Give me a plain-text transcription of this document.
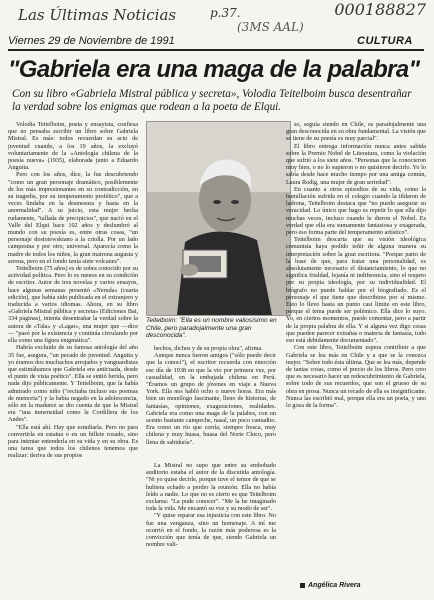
Las Últimas Noticias	p.37.
(3MS AAL)
000188827
Viernes 29 de Noviembre de 1991	CULTURA
"Gabriela era una maga de la palabra"
Con su libro «Gabriela Mistral pública y secreta», Volodia Teitelboim busca desentrañar la verdad sobre los enigmas que rodean a la poeta de Elqui.

Volodia Teitelboim, poeta y ensayista, confiesa que no pensaba escribir un libro sobre Gabriela Mistral. Es más: todos recuerdan su acto de juventud cuando, a los 19 años, la excluyó voluntariamente de la «Antología chilena de la poesía nueva» (1935), elaborada junto a Eduardo Anguita.

Pero con los años, dice, la fue descubriendo "como un gran personaje dramático, posiblemente de los más impresionantes en su contradicción, en su tragedia, por su temperamento profético", que a veces lindaba en la desmesura y hasta en la anormalidad". A su juicio, esta mujer hecha rudamente, "tallada de precipicios", que nació en el Valle del Elqui hace 102 años y deslumbró al mundo con su poesía es, entre otras cosas, "un personaje dostoiewskiano a la criolla. Por un lado campesina y por otro, universal. Aparecía como la madre de todos los niños, la gran matrona augusta y serena, pero en el fondo tenía siete volcanes".

Teitelboim (75 años) es de sobra conocido por su actividad política. Pero lo es menos en su condición de escritor. Autor de tres novelas y varios ensayos, hace algunas semanas presentó «Neruda» (cuarta edición), que había sido publicada en el extranjero y traducida a varios idiomas. Ahora, en su libro «Gabriela Mistral pública y secreta» (Ediciones Bat, 334 páginas), intenta desentrañar la verdad sobre la autora de «Tala» y «Lagar», una mujer que —dice— "pasó por la existencia y continúa circulando por ella como una figura enigmática".

Habría excluido de su famosa antología del año 35 fue, asegura, "un pecado de juventud. Anguita y yo éramos dos muchachos arrojados y vanguardistas que estimábamos que Gabriela era anticuada, desde el punto de vista poético". Ella se sintió herida, pero nada dijo públicamente. Y Teitelboim, que la había admirado como niño ("recitaba incluso sus poemas de memoria") y la había negado en la adolescencia, sólo en la madurez se dio cuenta de que la Mistral era "una inmensidad como la Cordillera de los Andes".

"Ella está ahí. Hay que estudiarla. Pero no para convertirla en estatua o en un billete rosado, sino para intentar entenderla en su vida y en su obra. Es una tarea que todos los chilenos tenemos que realizar: deriva de sus propios

Teitelboim: "Ella es un nombre valiosísimo en Chile, pero paradojalmente una gran desconocida".

hechos, dichos y de su propia obra", afirma.

Aunque nunca fueron amigos ("sólo puedo decir que la conocí"), el escritor recuerda con emoción ese día de 1938 en que la vio por primera vez, por casualidad, en la embajada chilena en Perú. "Éramos un grupo de jóvenes en viaje a Nueva York. Ella nos habló ocho o nueve horas. Era más bien un monólogo fascinante, lleno de historias, de fantasías, opiniones, exageraciones, realidades. Gabriela era como una maga de la palabra, con un acento bastante campeche, nasal, un poco cantadito. Era como un río que corría, siempre fresca, muy chilena y muy huasa, huasa del Norte Chico, pero llena de sabiduría".

La Mistral no supo que entre su embobado auditorio estaba el autor de la discutida antología. "Ni yo quise decirle, porque tuve el temor de que se hubiera echado a perder la reunión. Ella no había leído a nadie. Lo que no es cierto es que Teitelboim exclama: "La pude conocer". "Me la he imaginado toda la vida. Me encantó su voz y su modo de ser".

"Y quise reparar esa injusticia con este libro. No fue una venganza, sino un homenaje. A mí me ocurrió en el fondo, la razón más poderosa es la convicción que tenía de que, siendo Gabriela un nombre vali-

so, seguía siendo en Chile, es paradojalmente una gran desconocida en su obra fundamental. La visión que se tiene de su poesía es muy parcial".

El libro entrega información nunca antes sabida sobre la Premio Nobel de Literatura, como la violación que sufrió a los siete años. "Personas que la conocieron muy bien, o no lo supieron o no quisieron decirlo. Yo lo sabía desde hace mucho tiempo por una amiga común, Laura Rodig, una mujer de gran seriedad".

En cuanto a otros episodios de su vida, como la humillación sufrida en el colegio cuando la tildaron de ladrona, Teitelboim destaca que "no puedo asegurar su veracidad. Lo único que hago es repetir lo que ella dijo muchas veces, incluso cuando le dieron el Nobel. Es verdad que ella era sumamente fantasiosa y exagerada, pero eso forma parte del temperamento artístico".

Teitelboim descarta que su visión ideológica comunista haya podido teñir de alguna manera su interpretación sobre la gran escritora. "Porque parto de la base de que, para tratar una personalidad, es absolutamente necesario el distanciamiento, lo que no significa frialdad, lejanía ni indiferencia, sino el respeto por su propia ideología, por su individualidad. El biógrafo no puede hablar por el biografiado. Es el personaje el que tiene que describirse por sí mismo. Esto lo llevo hasta un punto casi límite en este libro, porque el tema puede ser polémico. Ella dice lo suyo. Yo, en ciertos momentos, puedo comentar, pero a partir de la propia palabra de ella. Y si alguna vez digo cosas que pueden parecer extrañas o materia de fantasía, todo eso está debidamente documentado".

Con este libro, Teitelboim espera contribuir a que Gabriela se lea más en Chile y a que se la conozca mejor. "Sobre todo ésta última. Que se lea más, depende de tantas cosas, como el precio de los libros. Pero creo que es necesario hacer un redescubrimiento de Gabriela, sobre todo de sus recuerdos, que son el grueso de su obra en prosa. Nunca un recado de ella es insignificante. Nunca las escribió mal, porque ella era un poeta, y uno lo goza de la forma".

Angélica Rivera
